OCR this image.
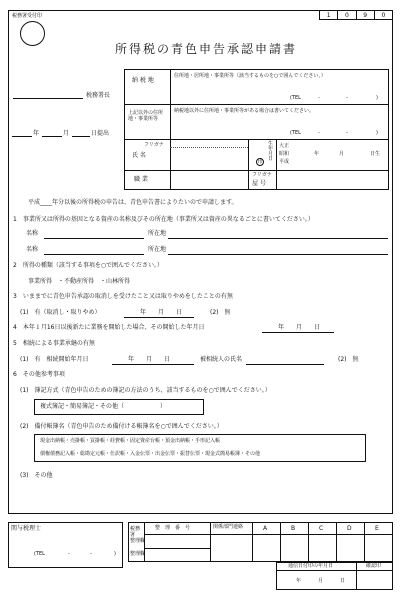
税務署受付印	1	0	9	0
所得税の青色申告承認申請書
税務署長
年	月	日提出
納 税 地
住所地・居所地・事業所等（該当するものを○で囲んでください。）
(TEL	-	-	)
上記以外の住所地・事業所等
納税地以外に住所地・事業所等がある場合は書いてください。
(TEL	-	-	)
フリガナ
氏 名
印
生年月日
大正
昭和
平成
年	月	日生
職 業
フリガナ
屋 号
平成____年分以後の所得税の申告は、青色申告書によりたいので申請します。
1　事業所又は所得の基因となる資産の名称及びその所在地（事業所又は資産の異なるごとに書いてください。）
名称	所在地
名称	所在地
2　所得の種類（該当する事項を○で囲んでください。）
事業所得　・不動産所得　・山林所得
3　いままでに青色申告承認の取消しを受けたこと又は取りやめをしたことの有無
(1)　有（取消し・取りやめ）	年　　月　　日	(2)　無
4　本年１月16日以後新たに業務を開始した場合、その開始した年月日	年　　月　　日
5　相続による事業承継の有無
(1)　有　相続開始年月日	年　　月　　日	被相続人の氏名	(2)　無
6　その他参考事項
(1)　簿記方式（青色申告のための簿記の方法のうち、該当するものを○で囲んでください。）
複式簿記・簡易簿記・その他（　　　　　　）
(2)　備付帳簿名（青色申告のため備付ける帳簿名を○で囲んでください。）
現金出納帳・売掛帳・買掛帳・経費帳・固定資産台帳・預金出納帳・手形記入帳
債権債務記入帳・総勘定元帳・仕訳帳・入金伝票・出金伝票・振替伝票・現金式簡易帳簿・その他
(3)　その他
関与税理士
(TEL	-	-	)
税務署
整　理　番　号
整理欄
整理欄
関係部門連絡	A	B	C	D	E
通信日付印の年月日	確認印
年	月	日
